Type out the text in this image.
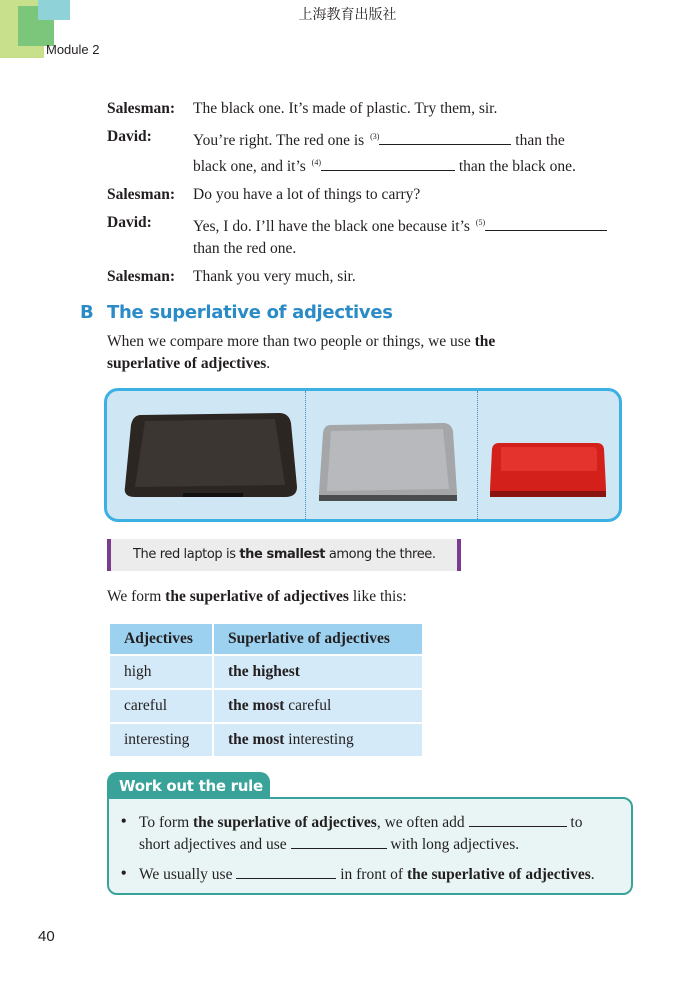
Module 2
上海教育出版社
Salesman:	The black one. It’s made of plastic. Try them, sir.
David:	You’re right. The red one is $^{(3)}$	than the
black one, and it’s $^{(4)}$	than the black one.
Salesman:	Do you have a lot of things to carry?
David:	Yes, I do. I’ll have the black one because it’s $^{(5)}$
than the red one.
Salesman:	Thank you very much, sir.
B The superlative of adjectives
When we compare more than two people or things, we use the superlative of adjectives.
The red laptop is the smallest among the three.
We form the superlative of adjectives like this:
Adjectives	Superlative of adjectives
high	the highest
careful	the most careful
interesting	the most interesting
Work out the rule
• To form the superlative of adjectives, we often add	to
short adjectives and use	with long adjectives.
• We usually use	in front of the superlative of adjectives.
40
